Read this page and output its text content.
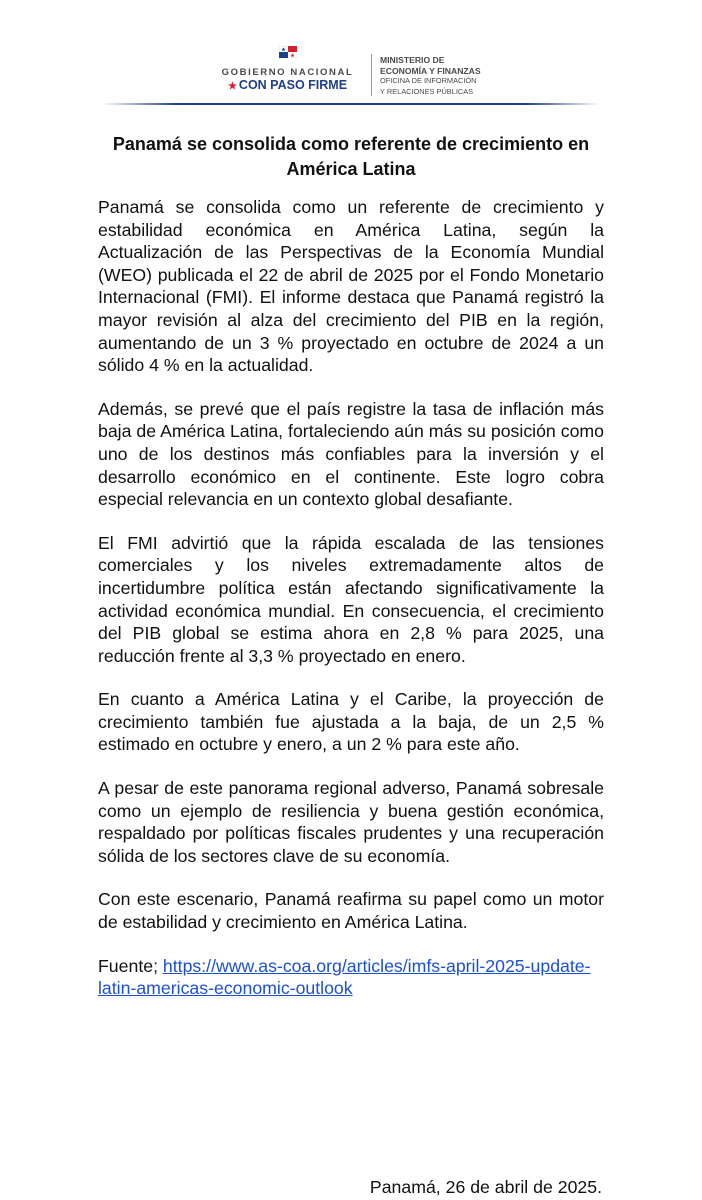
GOBIERNO NACIONAL
★ CON PASO FIRME
MINISTERIO DE
ECONOMÍA Y FINANZAS
OFICINA DE INFORMACIÓN
Y RELACIONES PÚBLICAS
Panamá se consolida como referente de crecimiento en América Latina

Panamá se consolida como un referente de crecimiento y estabilidad económica en América Latina, según la Actualización de las Perspectivas de la Economía Mundial (WEO) publicada el 22 de abril de 2025 por el Fondo Monetario Internacional (FMI). El informe destaca que Panamá registró la mayor revisión al alza del crecimiento del PIB en la región, aumentando de un 3 % proyectado en octubre de 2024 a un sólido 4 % en la actualidad.

Además, se prevé que el país registre la tasa de inflación más baja de América Latina, fortaleciendo aún más su posición como uno de los destinos más confiables para la inversión y el desarrollo económico en el continente. Este logro cobra especial relevancia en un contexto global desafiante.

El FMI advirtió que la rápida escalada de las tensiones comerciales y los niveles extremadamente altos de incertidumbre política están afectando significativamente la actividad económica mundial. En consecuencia, el crecimiento del PIB global se estima ahora en 2,8 % para 2025, una reducción frente al 3,3 % proyectado en enero.

En cuanto a América Latina y el Caribe, la proyección de crecimiento también fue ajustada a la baja, de un 2,5 % estimado en octubre y enero, a un 2 % para este año.

A pesar de este panorama regional adverso, Panamá sobresale como un ejemplo de resiliencia y buena gestión económica, respaldado por políticas fiscales prudentes y una recuperación sólida de los sectores clave de su economía.

Con este escenario, Panamá reafirma su papel como un motor de estabilidad y crecimiento en América Latina.

Fuente; https://www.as-coa.org/articles/imfs-april-2025-update-latin-americas-economic-outlook

Panamá, 26 de abril de 2025.
